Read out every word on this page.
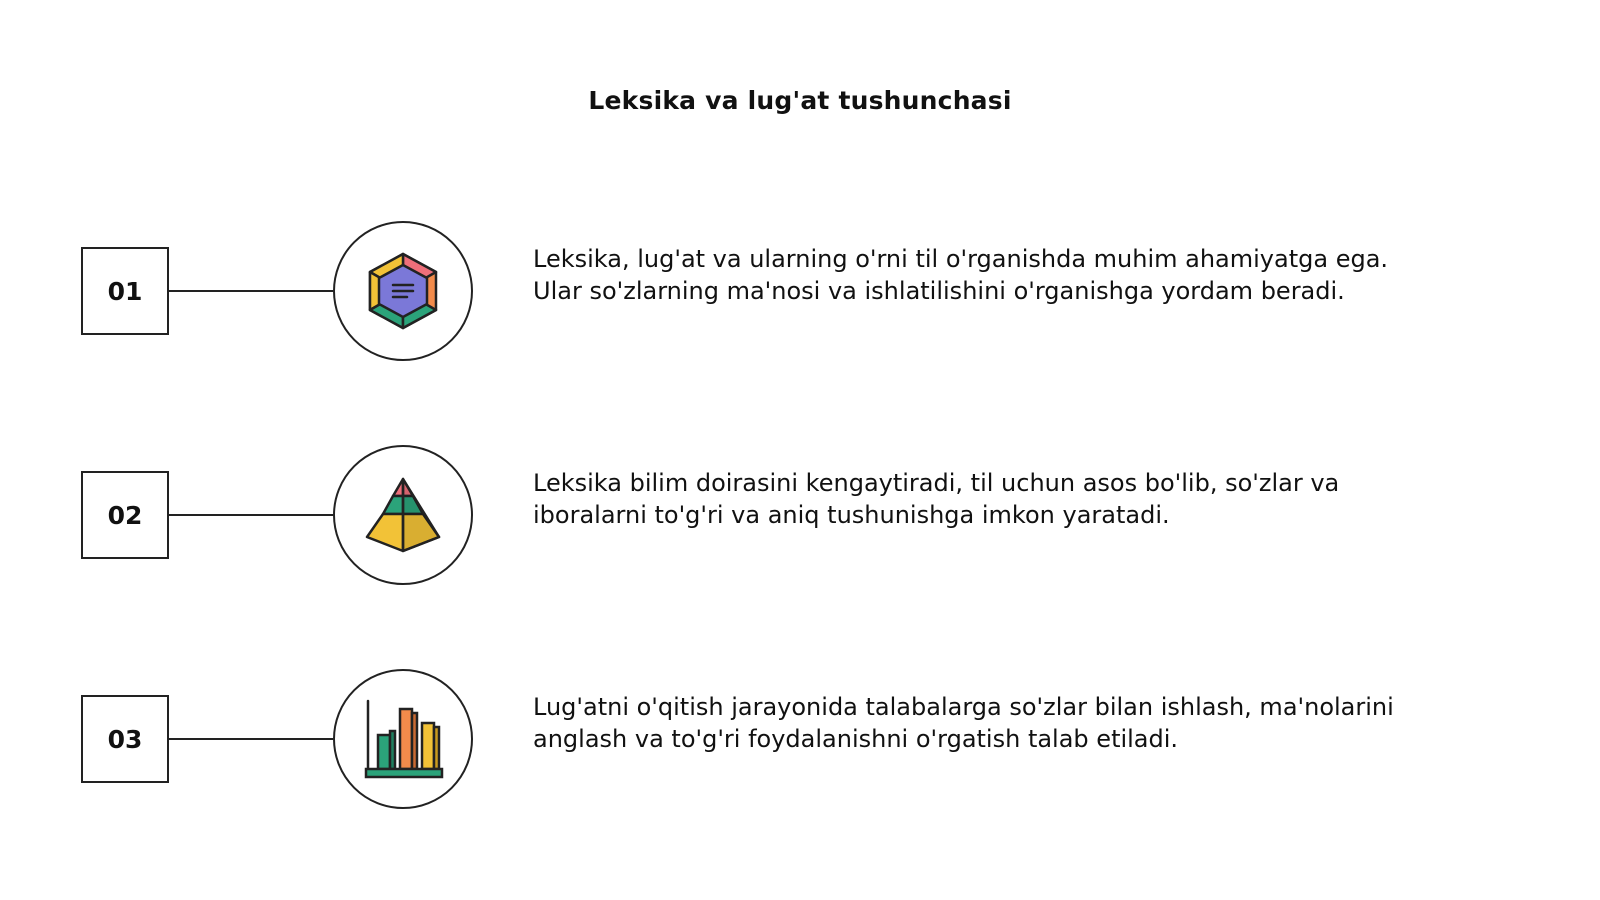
Leksika va lug'at tushunchasi
01
Leksika, lug'at va ularning o'rni til o'rganishda muhim ahamiyatga ega.
Ular so'zlarning ma'nosi va ishlatilishini o'rganishga yordam beradi.
02
Leksika bilim doirasini kengaytiradi, til uchun asos bo'lib, so'zlar va
iboralarni to'g'ri va aniq tushunishga imkon yaratadi.
03
Lug'atni o'qitish jarayonida talabalarga so'zlar bilan ishlash, ma'nolarini
anglash va to'g'ri foydalanishni o'rgatish talab etiladi.
